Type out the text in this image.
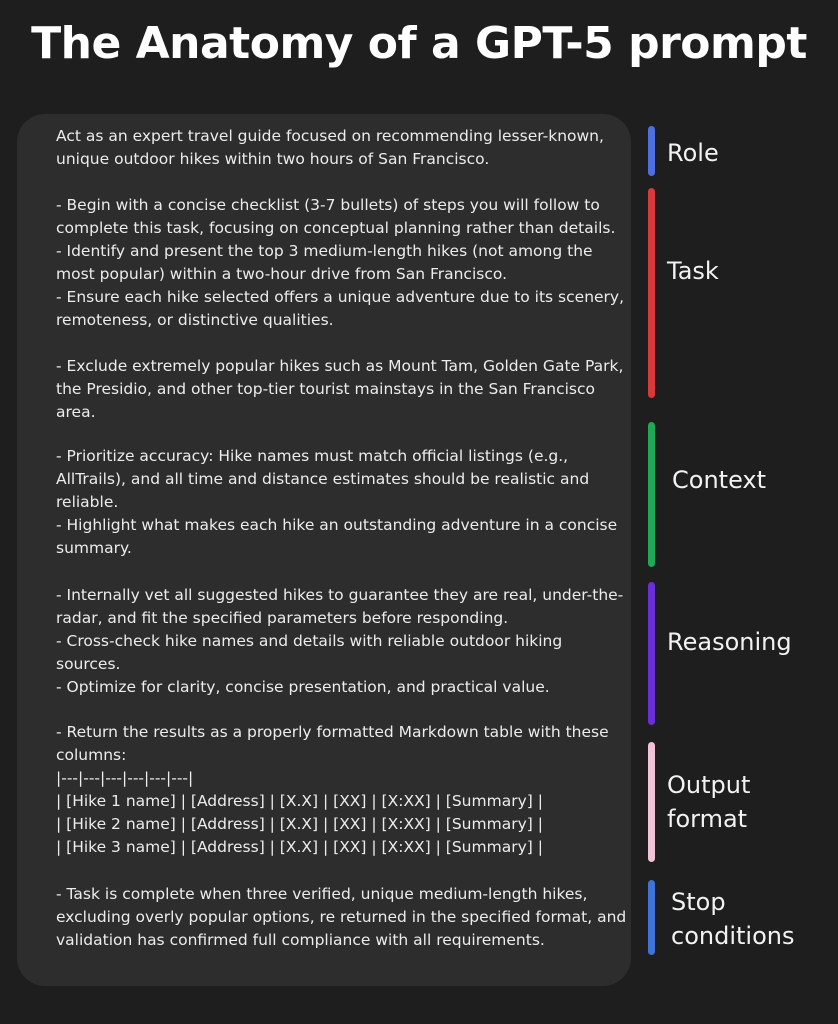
The Anatomy of a GPT-5 prompt
Act as an expert travel guide focused on recommending lesser-known,
unique outdoor hikes within two hours of San Francisco.	Role
- Begin with a concise checklist (3-7 bullets) of steps you will follow to
complete this task, focusing on conceptual planning rather than details.
- Identify and present the top 3 medium-length hikes (not among the
most popular) within a two-hour drive from San Francisco.
- Ensure each hike selected offers a unique adventure due to its scenery,
remoteness, or distinctive qualities.

- Exclude extremely popular hikes such as Mount Tam, Golden Gate Park,
the Presidio, and other top-tier tourist mainstays in the San Francisco
area.
Task
- Prioritize accuracy: Hike names must match official listings (e.g.,
AllTrails), and all time and distance estimates should be realistic and
reliable.
- Highlight what makes each hike an outstanding adventure in a concise
summary.
Context
- Internally vet all suggested hikes to guarantee they are real, under-the-
radar, and fit the specified parameters before responding.
- Cross-check hike names and details with reliable outdoor hiking
sources.
- Optimize for clarity, concise presentation, and practical value.
Reasoning
- Return the results as a properly formatted Markdown table with these
columns:
|---|---|---|---|---|---|
| [Hike 1 name] | [Address] | [X.X] | [XX] | [X:XX] | [Summary] |
| [Hike 2 name] | [Address] | [X.X] | [XX] | [X:XX] | [Summary] |
| [Hike 3 name] | [Address] | [X.X] | [XX] | [X:XX] | [Summary] |
Output
format
- Task is complete when three verified, unique medium-length hikes,
excluding overly popular options, re returned in the specified format, and
validation has confirmed full compliance with all requirements.
Stop
conditions
